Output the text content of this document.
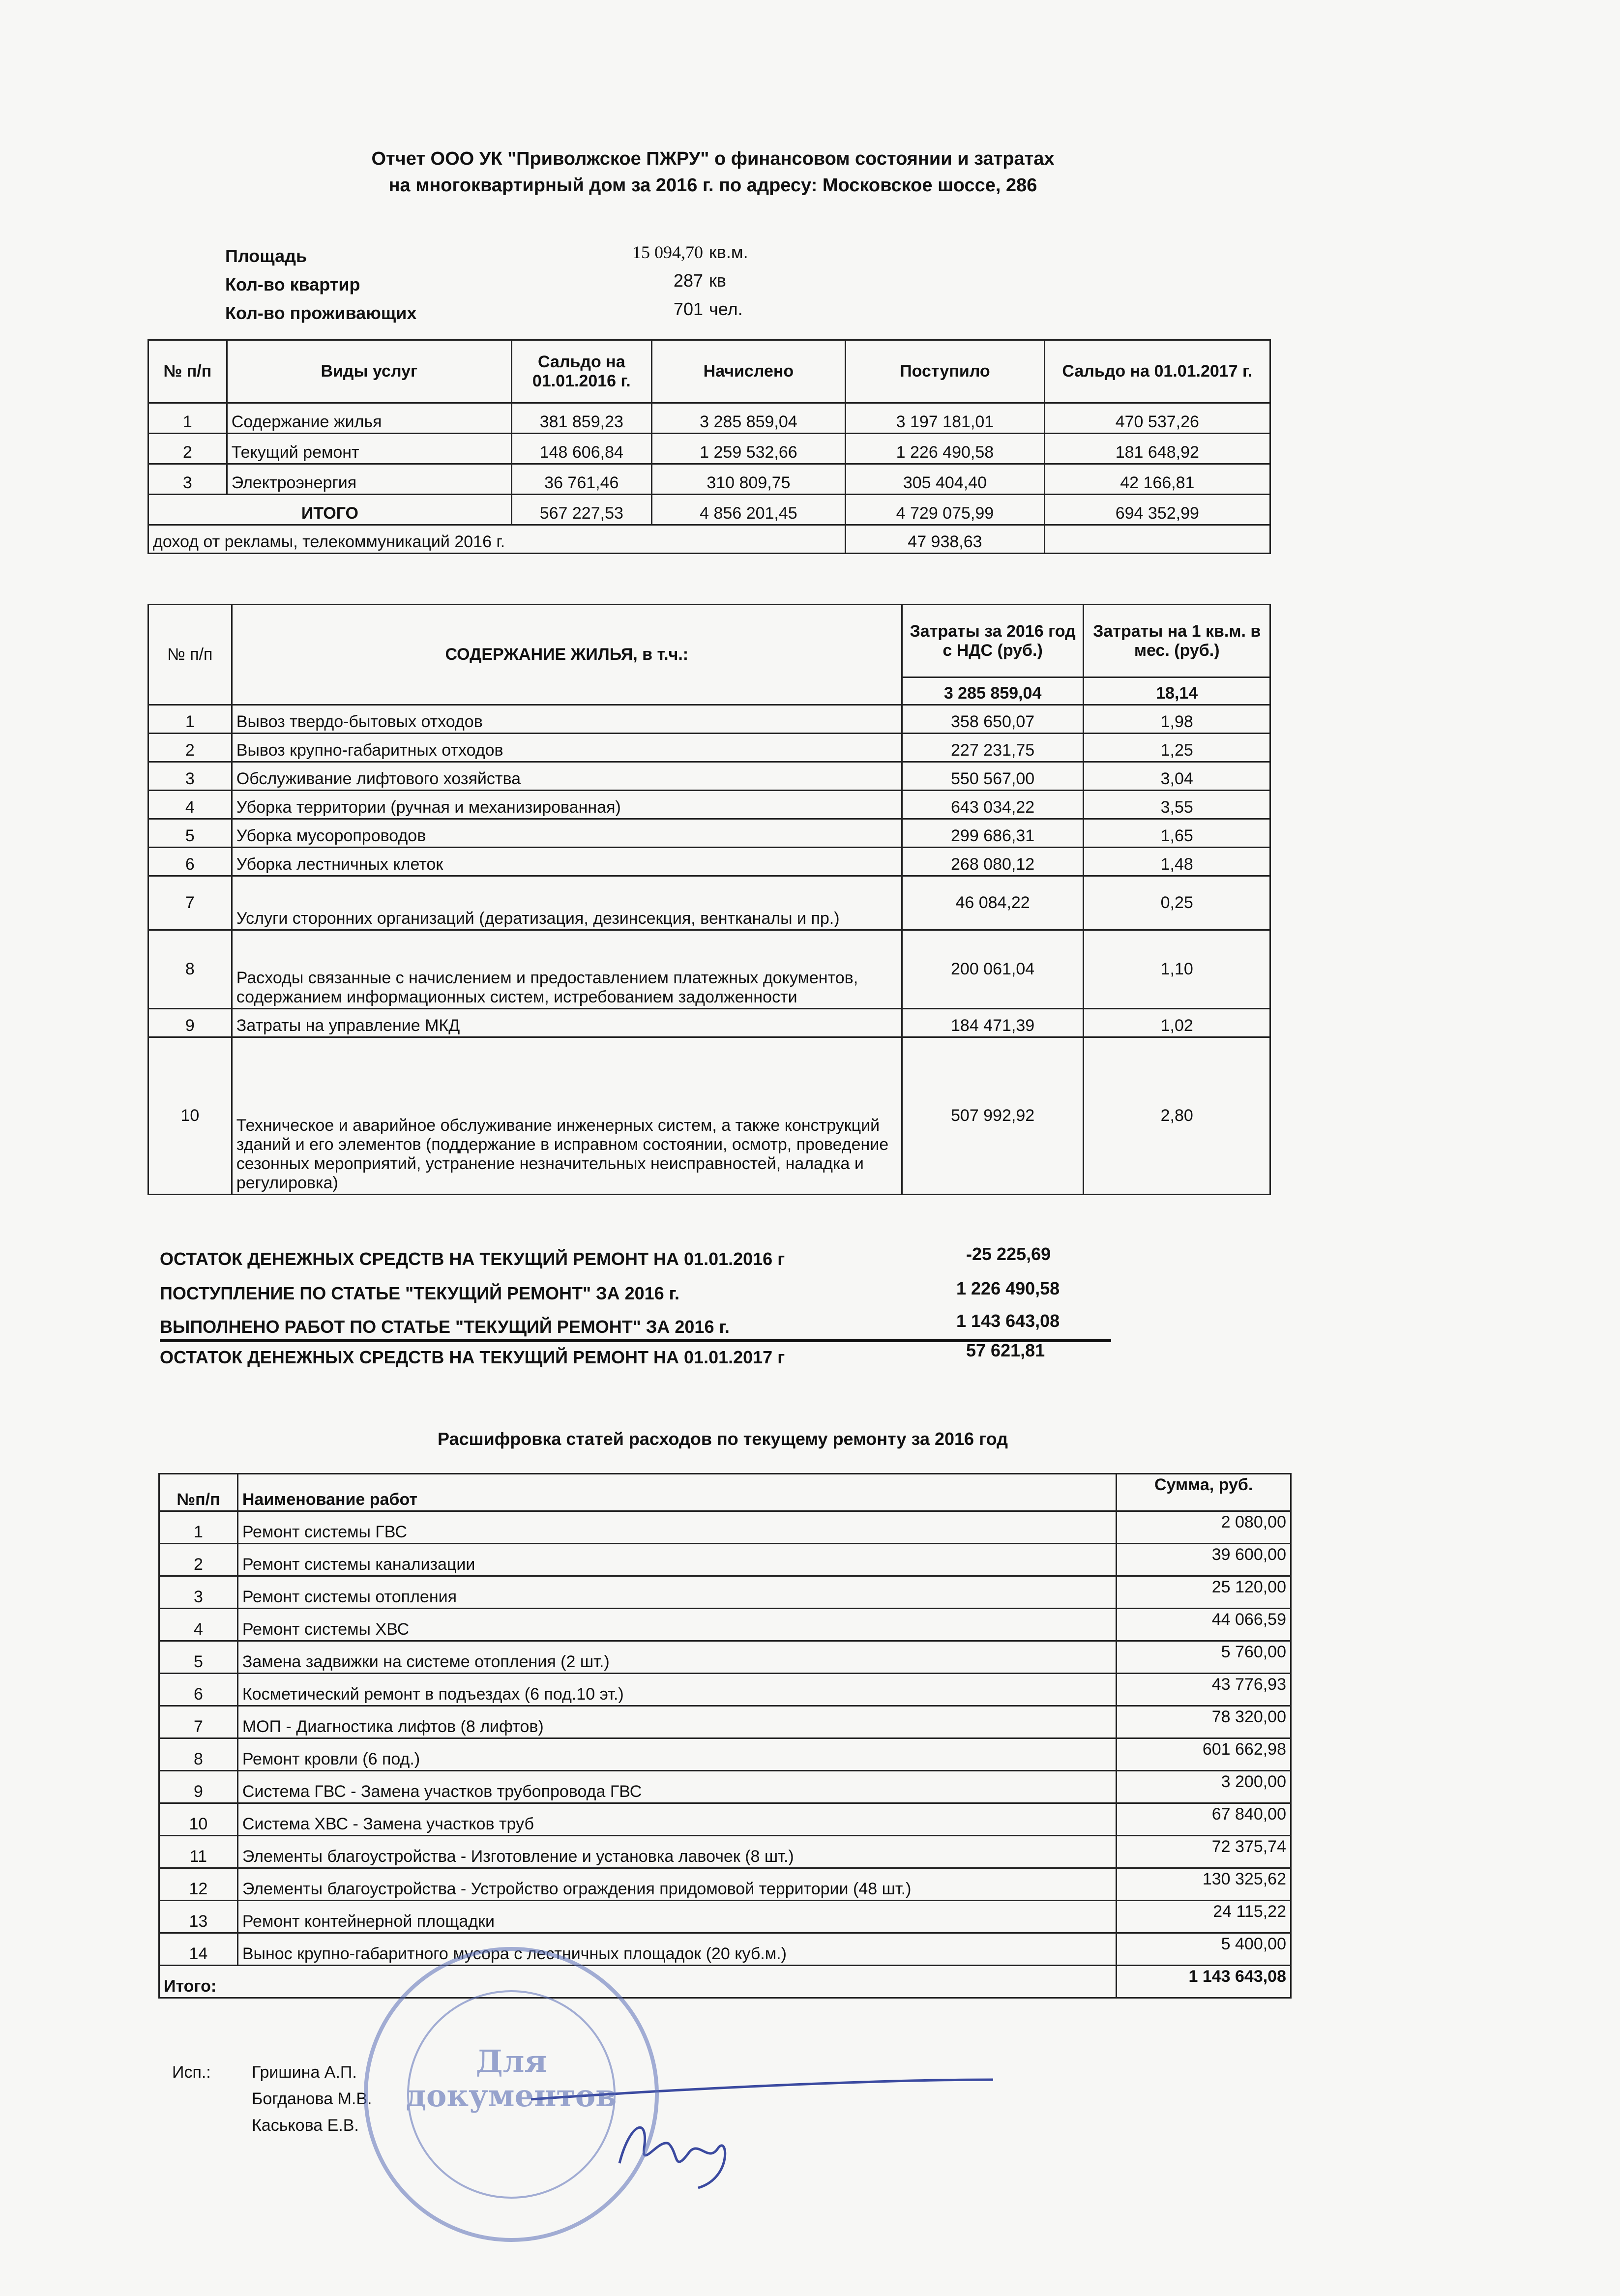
Отчет ООО УК "Приволжское ПЖРУ" о финансовом состоянии и затратах
на многоквартирный дом за 2016 г. по адресу: Московское шоссе, 286
Площадь	15 094,70 кв.м.
Кол-во квартир	287 кв
Кол-во проживающих	701 чел.
№ п/п	Виды услуг	Сальдо на 01.01.2016 г.	Начислено	Поступило	Сальдо на 01.01.2017 г.
1	Содержание жилья	381 859,23	3 285 859,04	3 197 181,01	470 537,26
2	Текущий ремонт	148 606,84	1 259 532,66	1 226 490,58	181 648,92
3	Электроэнергия	36 761,46	310 809,75	305 404,40	42 166,81
ИТОГО		567 227,53	4 856 201,45	4 729 075,99	694 352,99
доход от рекламы, телекоммуникаций 2016 г.				47 938,63	
№ п/п	СОДЕРЖАНИЕ ЖИЛЬЯ, в т.ч.:	Затраты за 2016 год с НДС (руб.)	Затраты на 1 кв.м. в мес. (руб.)
		3 285 859,04	18,14
1	Вывоз твердо-бытовых отходов	358 650,07	1,98
2	Вывоз крупно-габаритных отходов	227 231,75	1,25
3	Обслуживание лифтового хозяйства	550 567,00	3,04
4	Уборка территории (ручная и механизированная)	643 034,22	3,55
5	Уборка мусоропроводов	299 686,31	1,65
6	Уборка лестничных клеток	268 080,12	1,48
7	Услуги сторонних организаций (дератизация, дезинсекция, вентканалы и пр.)	46 084,22	0,25
8	Расходы связанные с начислением и предоставлением платежных документов, содержанием информационных систем, истребованием задолженности	200 061,04	1,10
9	Затраты на управление МКД	184 471,39	1,02
10	Техническое и аварийное обслуживание инженерных систем, а также конструкций зданий и его элементов (поддержание в исправном состоянии, осмотр, проведение сезонных мероприятий, устранение незначительных неисправностей, наладка и регулировка)	507 992,92	2,80
ОСТАТОК ДЕНЕЖНЫХ СРЕДСТВ НА ТЕКУЩИЙ РЕМОНТ НА 01.01.2016 г	-25 225,69
ПОСТУПЛЕНИЕ ПО СТАТЬЕ "ТЕКУЩИЙ РЕМОНТ" ЗА 2016 г.	1 226 490,58
ВЫПОЛНЕНО РАБОТ ПО СТАТЬЕ "ТЕКУЩИЙ РЕМОНТ" ЗА 2016 г.	1 143 643,08
ОСТАТОК ДЕНЕЖНЫХ СРЕДСТВ НА ТЕКУЩИЙ РЕМОНТ НА 01.01.2017 г	57 621,81
Расшифровка статей расходов по текущему ремонту за 2016 год
№п/п	Наименование работ	Сумма, руб.
1	Ремонт системы ГВС	2 080,00
2	Ремонт системы канализации	39 600,00
3	Ремонт системы отопления	25 120,00
4	Ремонт системы ХВС	44 066,59
5	Замена задвижки на системе отопления (2 шт.)	5 760,00
6	Косметический ремонт в подъездах (6 под.10 эт.)	43 776,93
7	МОП - Диагностика лифтов (8 лифтов)	78 320,00
8	Ремонт кровли (6 под.)	601 662,98
9	Система ГВС - Замена участков трубопровода ГВС	3 200,00
10	Система ХВС - Замена участков труб	67 840,00
11	Элементы благоустройства - Изготовление и установка лавочек (8 шт.)	72 375,74
12	Элементы благоустройства - Устройство ограждения придомовой территории (48 шт.)	130 325,62
13	Ремонт контейнерной площадки	24 115,22
14	Вынос крупно-габаритного мусора с лестничных площадок (20 куб.м.)	5 400,00
Итого:		1 143 643,08
Исп.: Гришина А.П.
Богданова М.В.
Каськова Е.В.
Для документов
